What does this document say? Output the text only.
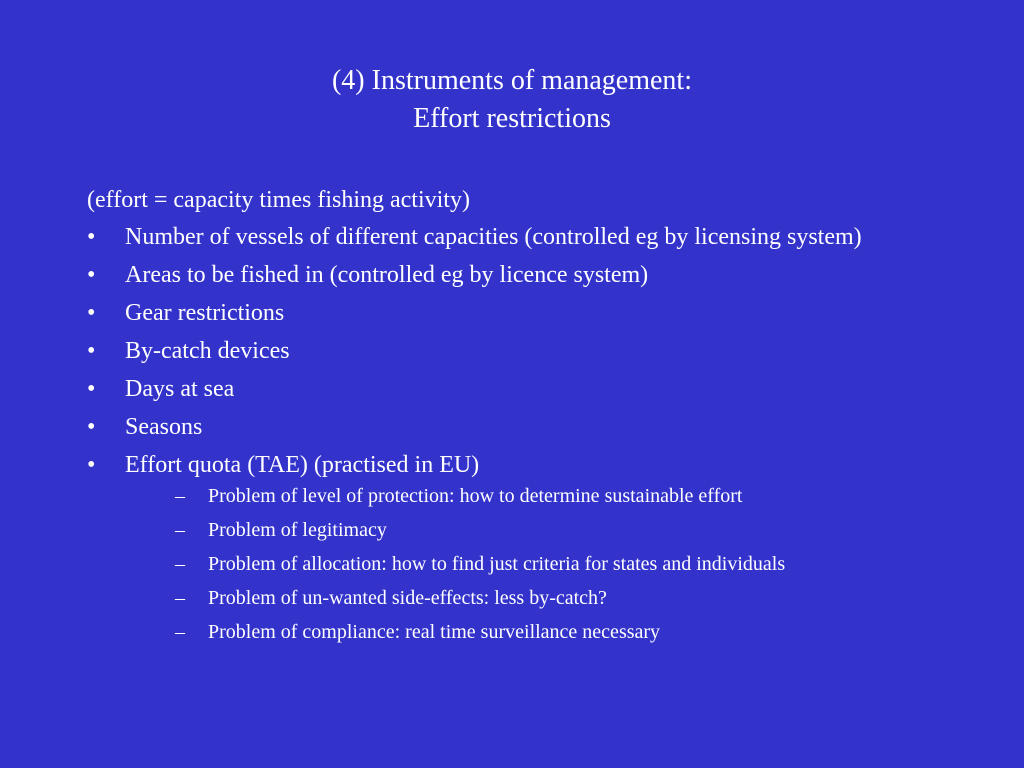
(4) Instruments of management:
Effort restrictions
(effort = capacity times fishing activity)
• Number of vessels of different capacities (controlled eg by licensing system)
• Areas to be fished in (controlled eg by licence system)
• Gear restrictions
• By-catch devices
• Days at sea
• Seasons
• Effort quota (TAE) (practised in EU)
– Problem of level of protection: how to determine sustainable effort
– Problem of legitimacy
– Problem of allocation: how to find just criteria for states and individuals
– Problem of un-wanted side-effects: less by-catch?
– Problem of compliance: real time surveillance necessary
